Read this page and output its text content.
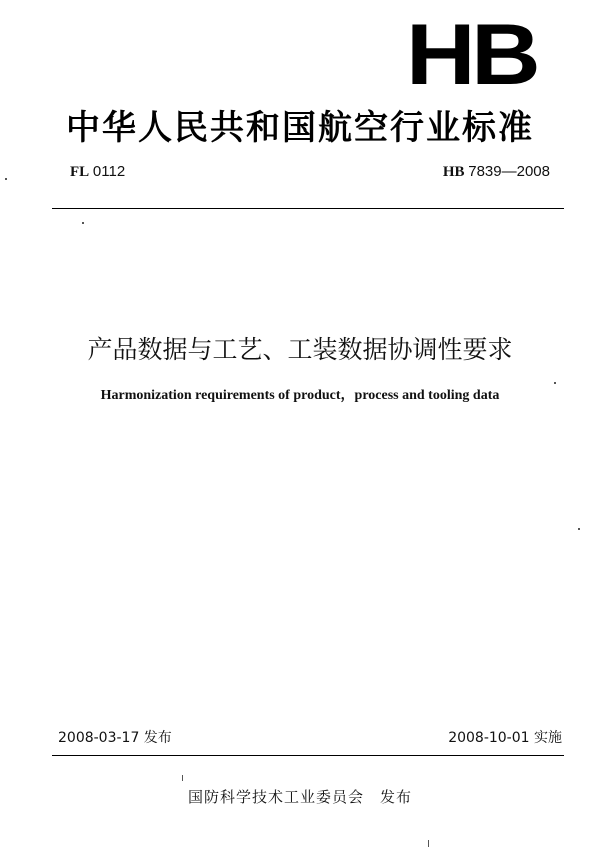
HB
中华人民共和国航空行业标准
FL 0112	HB 7839—2008
产品数据与工艺、工装数据协调性要求
Harmonization requirements of product，process and tooling data
2008-03-17 发布	2008-10-01 实施
国防科学技术工业委员会 发布
